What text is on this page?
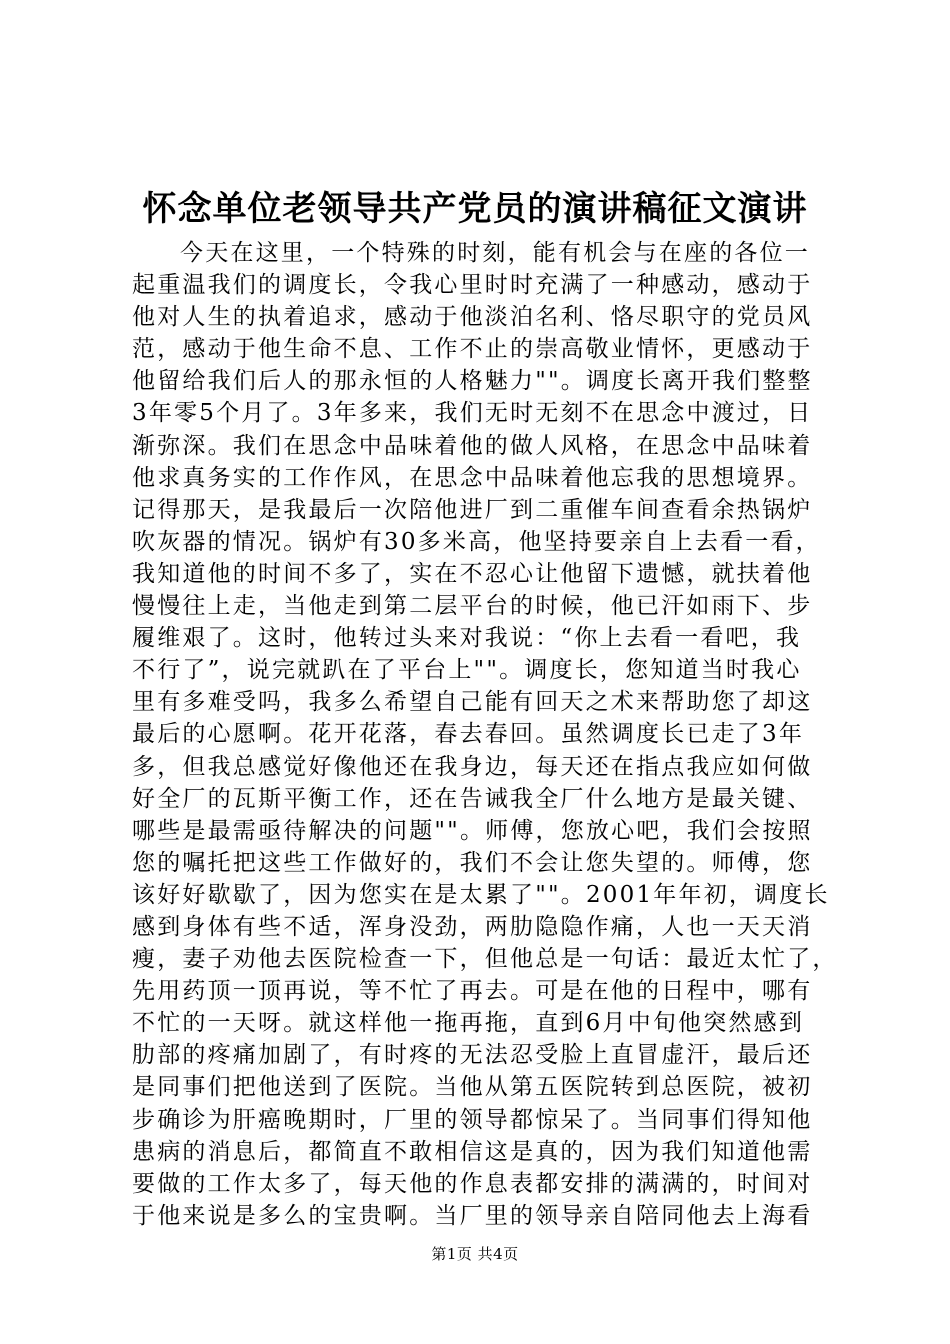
怀念单位老领导共产党员的演讲稿征文演讲
今天在这里，一个特殊的时刻，能有机会与在座的各位一
起重温我们的调度长，令我心里时时充满了一种感动，感动于
他对人生的执着追求，感动于他淡泊名利、恪尽职守的党员风
范，感动于他生命不息、工作不止的崇高敬业情怀，更感动于
他留给我们后人的那永恒的人格魅力""。调度长离开我们整整
3年零5个月了。3年多来，我们无时无刻不在思念中渡过，日
渐弥深。我们在思念中品味着他的做人风格，在思念中品味着
他求真务实的工作作风，在思念中品味着他忘我的思想境界。
记得那天，是我最后一次陪他进厂到二重催车间查看余热锅炉
吹灰器的情况。锅炉有30多米高，他坚持要亲自上去看一看，
我知道他的时间不多了，实在不忍心让他留下遗憾，就扶着他
慢慢往上走，当他走到第二层平台的时候，他已汗如雨下、步
履维艰了。这时，他转过头来对我说：“你上去看一看吧，我
不行了”，说完就趴在了平台上""。调度长，您知道当时我心
里有多难受吗，我多么希望自己能有回天之术来帮助您了却这
最后的心愿啊。花开花落，春去春回。虽然调度长已走了3年
多，但我总感觉好像他还在我身边，每天还在指点我应如何做
好全厂的瓦斯平衡工作，还在告诫我全厂什么地方是最关键、
哪些是最需亟待解决的问题""。师傅，您放心吧，我们会按照
您的嘱托把这些工作做好的，我们不会让您失望的。师傅，您
该好好歇歇了，因为您实在是太累了""。2001年年初，调度长
感到身体有些不适，浑身没劲，两肋隐隐作痛，人也一天天消
瘦，妻子劝他去医院检查一下，但他总是一句话：最近太忙了，
先用药顶一顶再说，等不忙了再去。可是在他的日程中，哪有
不忙的一天呀。就这样他一拖再拖，直到6月中旬他突然感到
肋部的疼痛加剧了，有时疼的无法忍受脸上直冒虚汗，最后还
是同事们把他送到了医院。当他从第五医院转到总医院，被初
步确诊为肝癌晚期时，厂里的领导都惊呆了。当同事们得知他
患病的消息后，都简直不敢相信这是真的，因为我们知道他需
要做的工作太多了，每天他的作息表都安排的满满的，时间对
于他来说是多么的宝贵啊。当厂里的领导亲自陪同他去上海看
第1页 共4页
